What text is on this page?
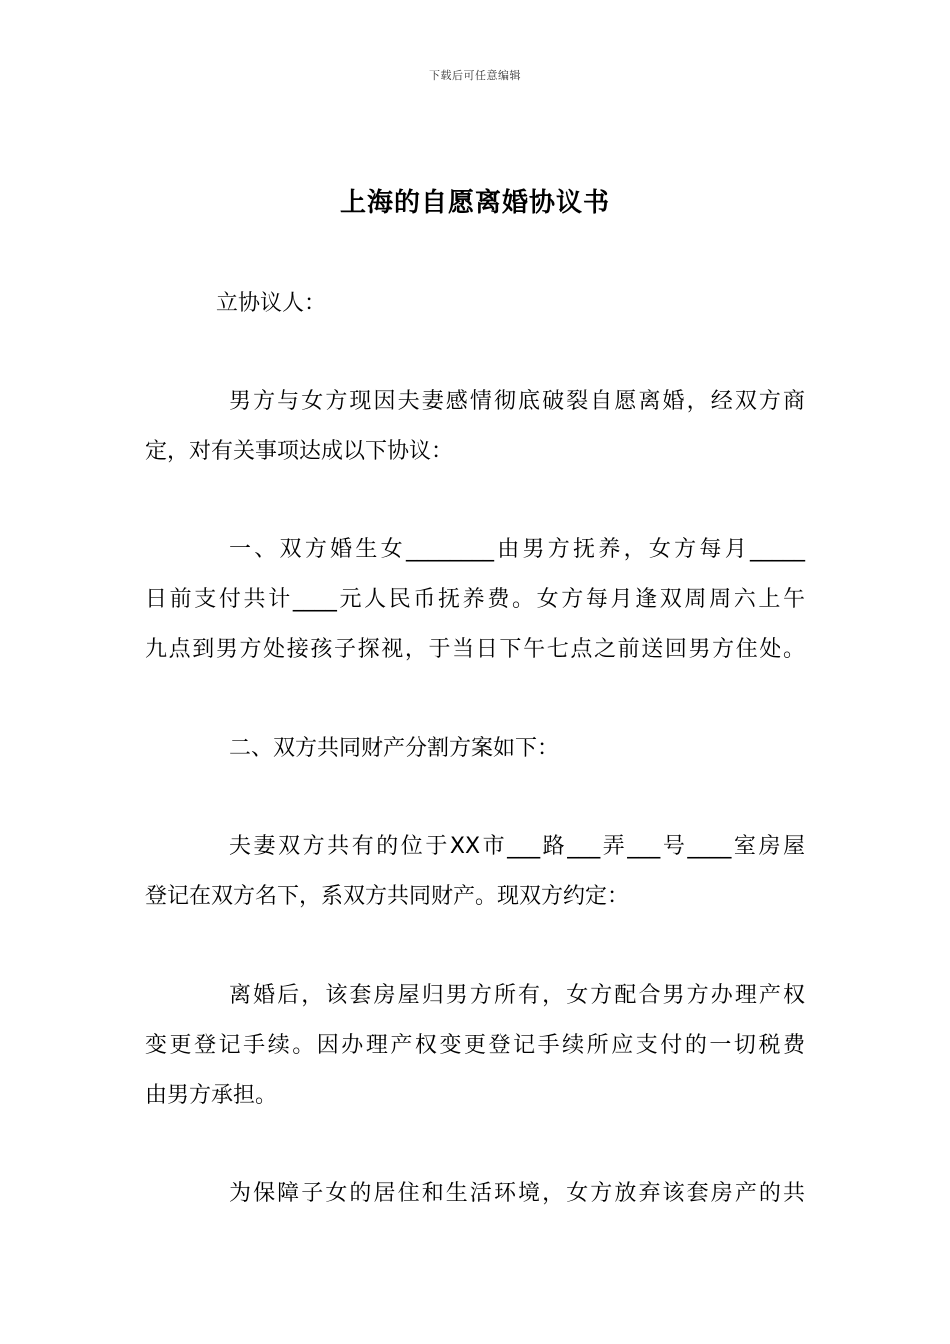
下载后可任意编辑
上海的自愿离婚协议书
立协议人：
男方与女方现因夫妻感情彻底破裂自愿离婚，经双方商
定，对有关事项达成以下协议：
一、双方婚生女________由男方抚养，女方每月_____
日前支付共计____元人民币抚养费。女方每月逢双周周六上午
九点到男方处接孩子探视，于当日下午七点之前送回男方住处。
二、双方共同财产分割方案如下：
夫妻双方共有的位于XX市___路___弄___号____室房屋
登记在双方名下，系双方共同财产。现双方约定：
离婚后，该套房屋归男方所有，女方配合男方办理产权
变更登记手续。因办理产权变更登记手续所应支付的一切税费
由男方承担。
为保障子女的居住和生活环境，女方放弃该套房产的共
